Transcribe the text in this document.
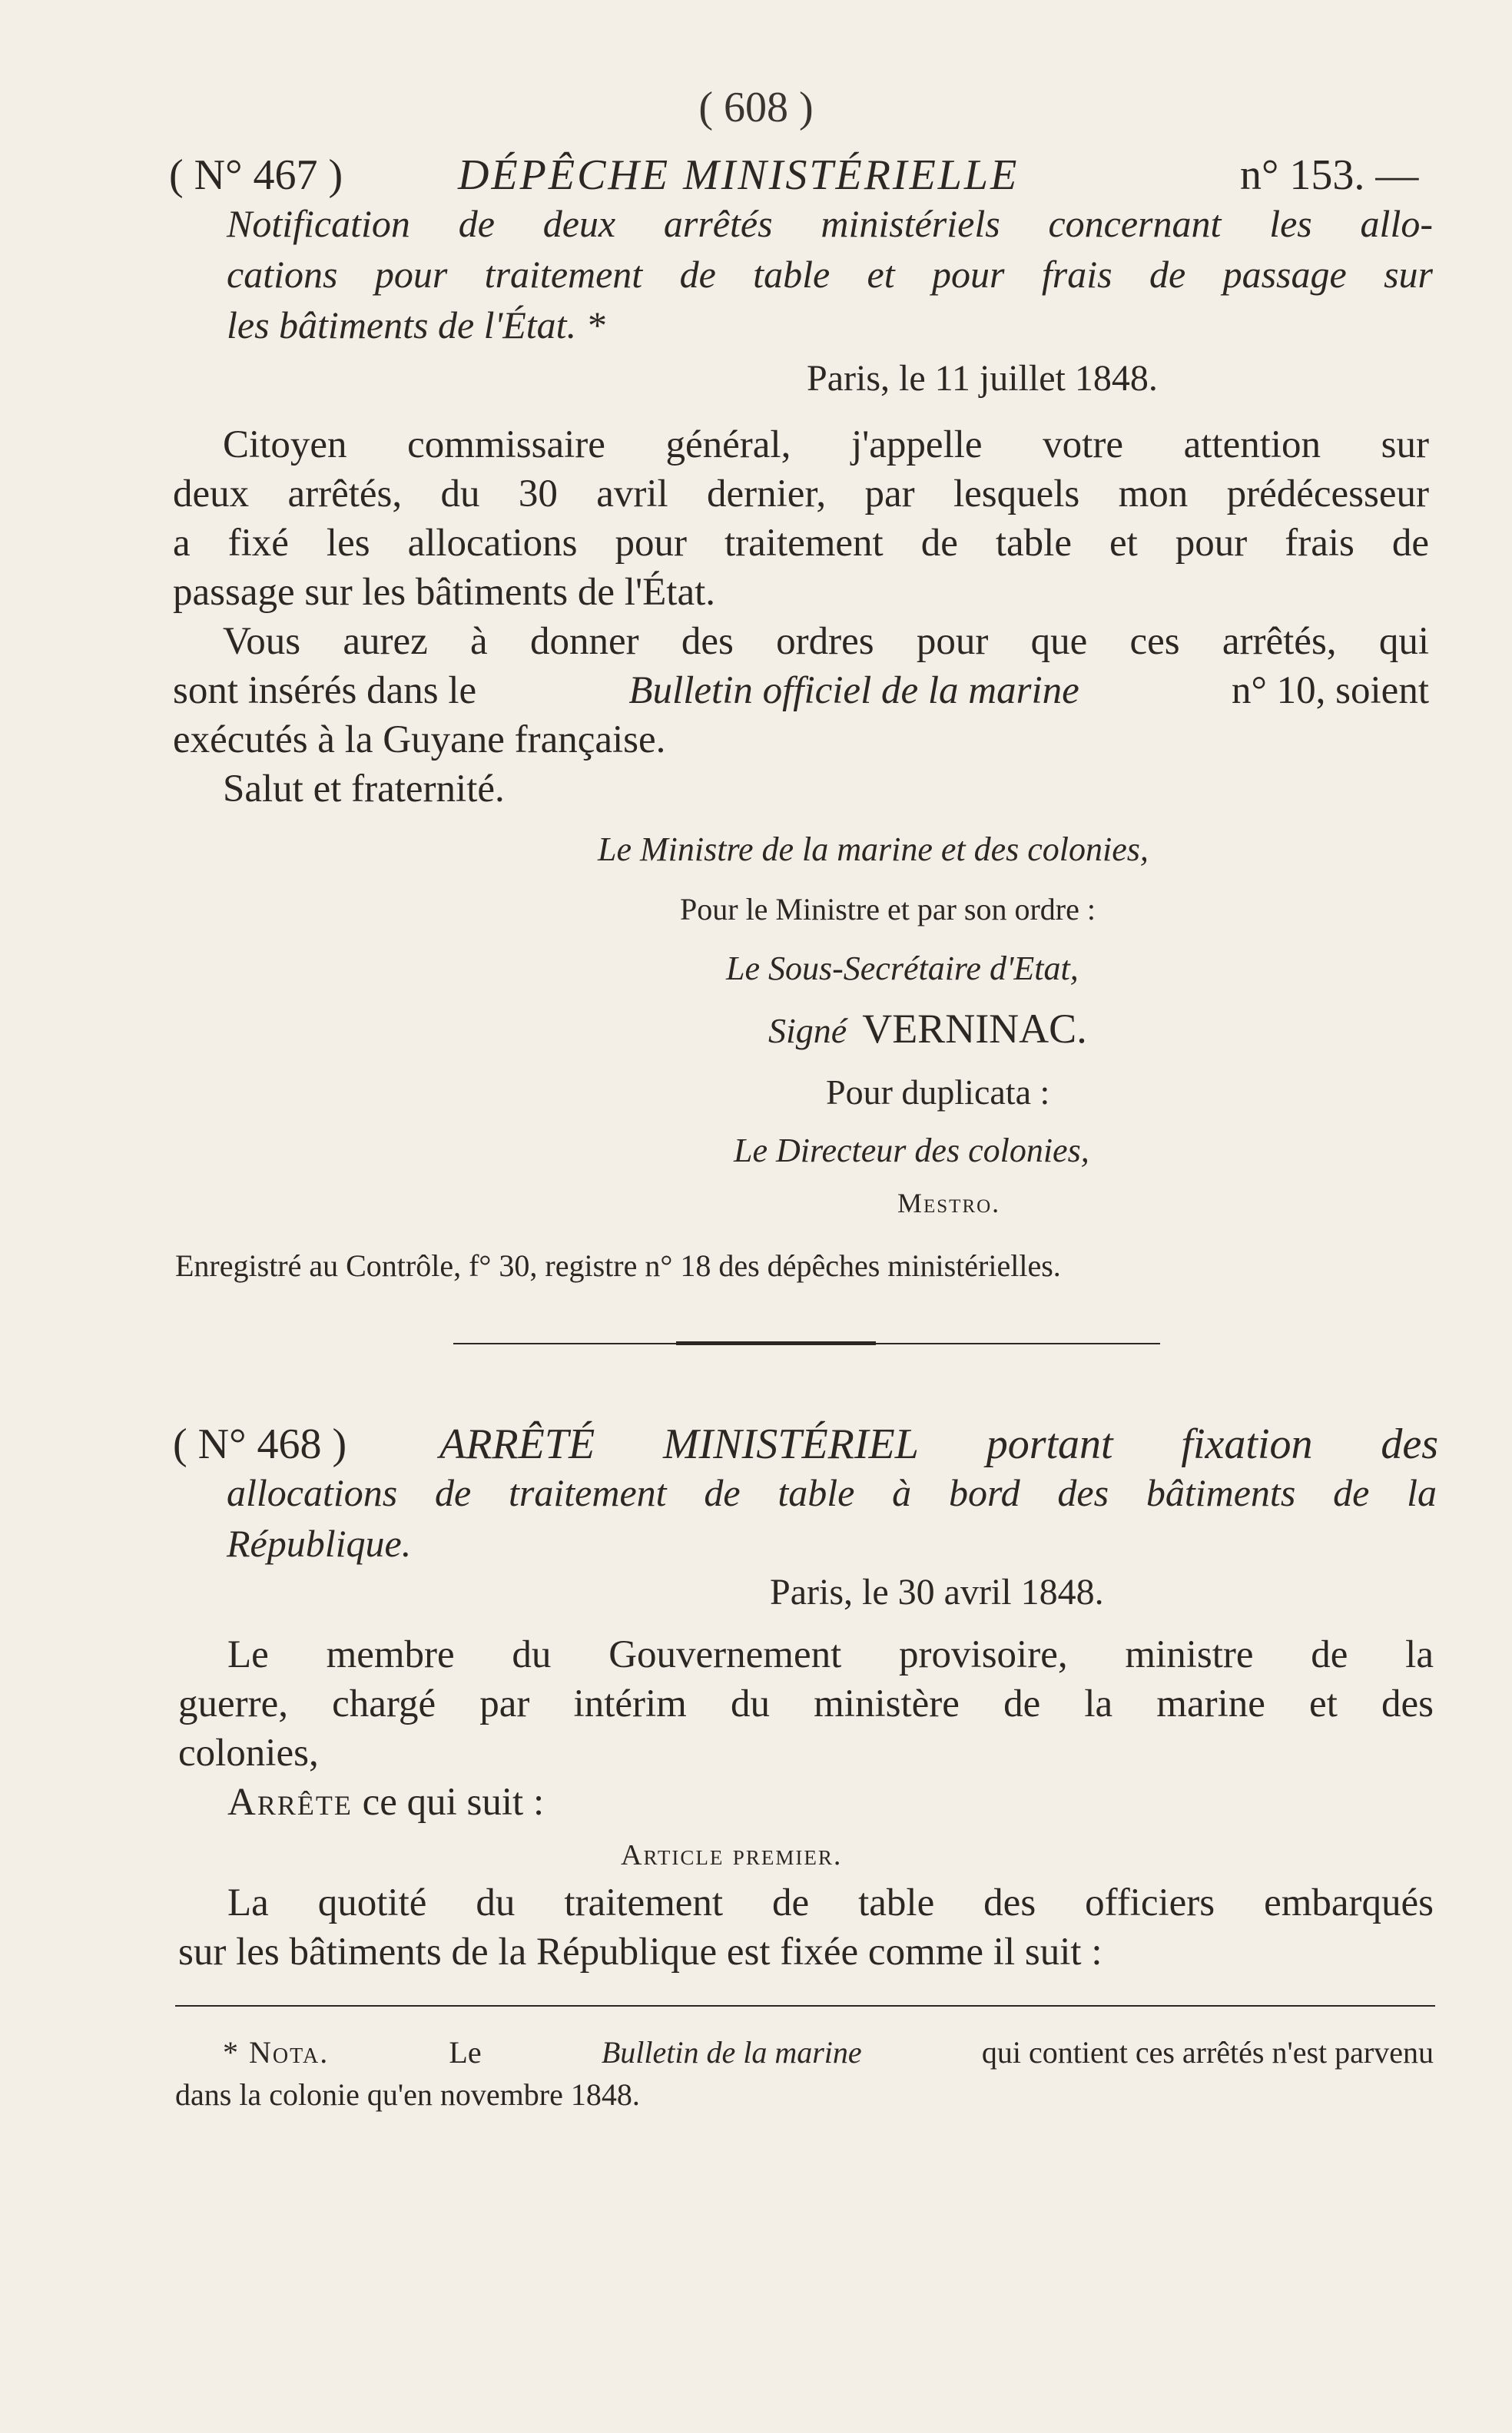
( 608 )
( N° 467 )	DÉPÊCHE MINISTÉRIELLE	n° 153. —
Notification de deux arrêtés ministériels concernant les allo-
cations pour traitement de table et pour frais de passage sur
les bâtiments de l'État. *
Paris, le 11 juillet 1848.
Citoyen commissaire général, j'appelle votre attention sur
deux arrêtés, du 30 avril dernier, par lesquels mon prédécesseur
a fixé les allocations pour traitement de table et pour frais de
passage sur les bâtiments de l'État.
Vous aurez à donner des ordres pour que ces arrêtés, qui
sont insérés dans le	Bulletin officiel de la marine	n° 10, soient
exécutés à la Guyane française.
Salut et fraternité.
Le Ministre de la marine et des colonies,
Pour le Ministre et par son ordre :
Le Sous-Secrétaire d'Etat,
Signé VERNINAC.
Pour duplicata :
Le Directeur des colonies,
Mestro.
Enregistré au Contrôle, f° 30, registre n° 18 des dépêches ministérielles.
( N° 468 ) ARRÊTÉ MINISTÉRIEL portant fixation des
allocations de traitement de table à bord des bâtiments de la
République.
Paris, le 30 avril 1848.
Le membre du Gouvernement provisoire, ministre de la
guerre, chargé par intérim du ministère de la marine et des
colonies,
Arrête ce qui suit :
Article premier.
La quotité du traitement de table des officiers embarqués
sur les bâtiments de la République est fixée comme il suit :
* Nota.	Le	Bulletin de la marine	qui contient ces arrêtés n'est parvenu
dans la colonie qu'en novembre 1848.
